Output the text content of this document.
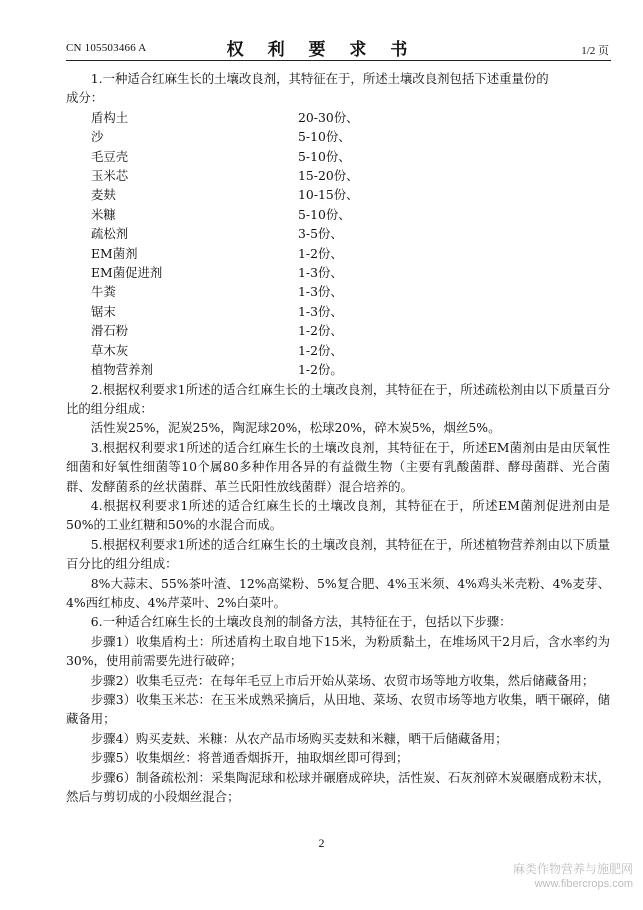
CN 105503466 A	权 利 要 求 书	1/2 页

1.一种适合红麻生长的土壤改良剂，其特征在于，所述土壤改良剂包括下述重量份的

成分：

盾构土	20-30份、
沙	5-10份、
毛豆壳	5-10份、
玉米芯	15-20份、
麦麸	10-15份、
米糠	5-10份、
疏松剂	3-5份、
EM菌剂	1-2份、
EM菌促进剂	1-3份、
牛粪	1-3份、
锯末	1-3份、
滑石粉	1-2份、
草木灰	1-2份、
植物营养剂	1-2份。

2.根据权利要求1所述的适合红麻生长的土壤改良剂，其特征在于，所述疏松剂由以下质量百分比的组分组成：

活性炭25%，泥炭25%，陶泥球20%，松球20%，碎木炭5%，烟丝5%。

3.根据权利要求1所述的适合红麻生长的土壤改良剂，其特征在于，所述EM菌剂由是由厌氧性细菌和好氧性细菌等10个属80多种作用各异的有益微生物（主要有乳酸菌群、酵母菌群、光合菌群、发酵菌系的丝状菌群、革兰氏阳性放线菌群）混合培养的。

4.根据权利要求1所述的适合红麻生长的土壤改良剂，其特征在于，所述EM菌剂促进剂由是50%的工业红糖和50%的水混合而成。

5.根据权利要求1所述的适合红麻生长的土壤改良剂，其特征在于，所述植物营养剂由以下质量百分比的组分组成：

8%大蒜末、55%茶叶渣、12%高粱粉、5%复合肥、4%玉米须、4%鸡头米壳粉、4%麦芽、4%西红柿皮、4%芹菜叶、2%白菜叶。

6.一种适合红麻生长的土壤改良剂的制备方法，其特征在于，包括以下步骤：

步骤1）收集盾构土：所述盾构土取自地下15米，为粉质黏土，在堆场风干2月后，含水率约为30%，使用前需要先进行破碎；

步骤2）收集毛豆壳：在每年毛豆上市后开始从菜场、农贸市场等地方收集，然后储藏备用；

步骤3）收集玉米芯：在玉米成熟采摘后，从田地、菜场、农贸市场等地方收集，晒干碾碎，储藏备用；

步骤4）购买麦麸、米糠：从农产品市场购买麦麸和米糠，晒干后储藏备用；

步骤5）收集烟丝：将普通香烟拆开，抽取烟丝即可得到；

步骤6）制备疏松剂：采集陶泥球和松球并碾磨成碎块，活性炭、石灰剂碎木炭碾磨成粉末状，然后与剪切成的小段烟丝混合；

2
麻类作物营养与施肥网
www.fibercrops.com
